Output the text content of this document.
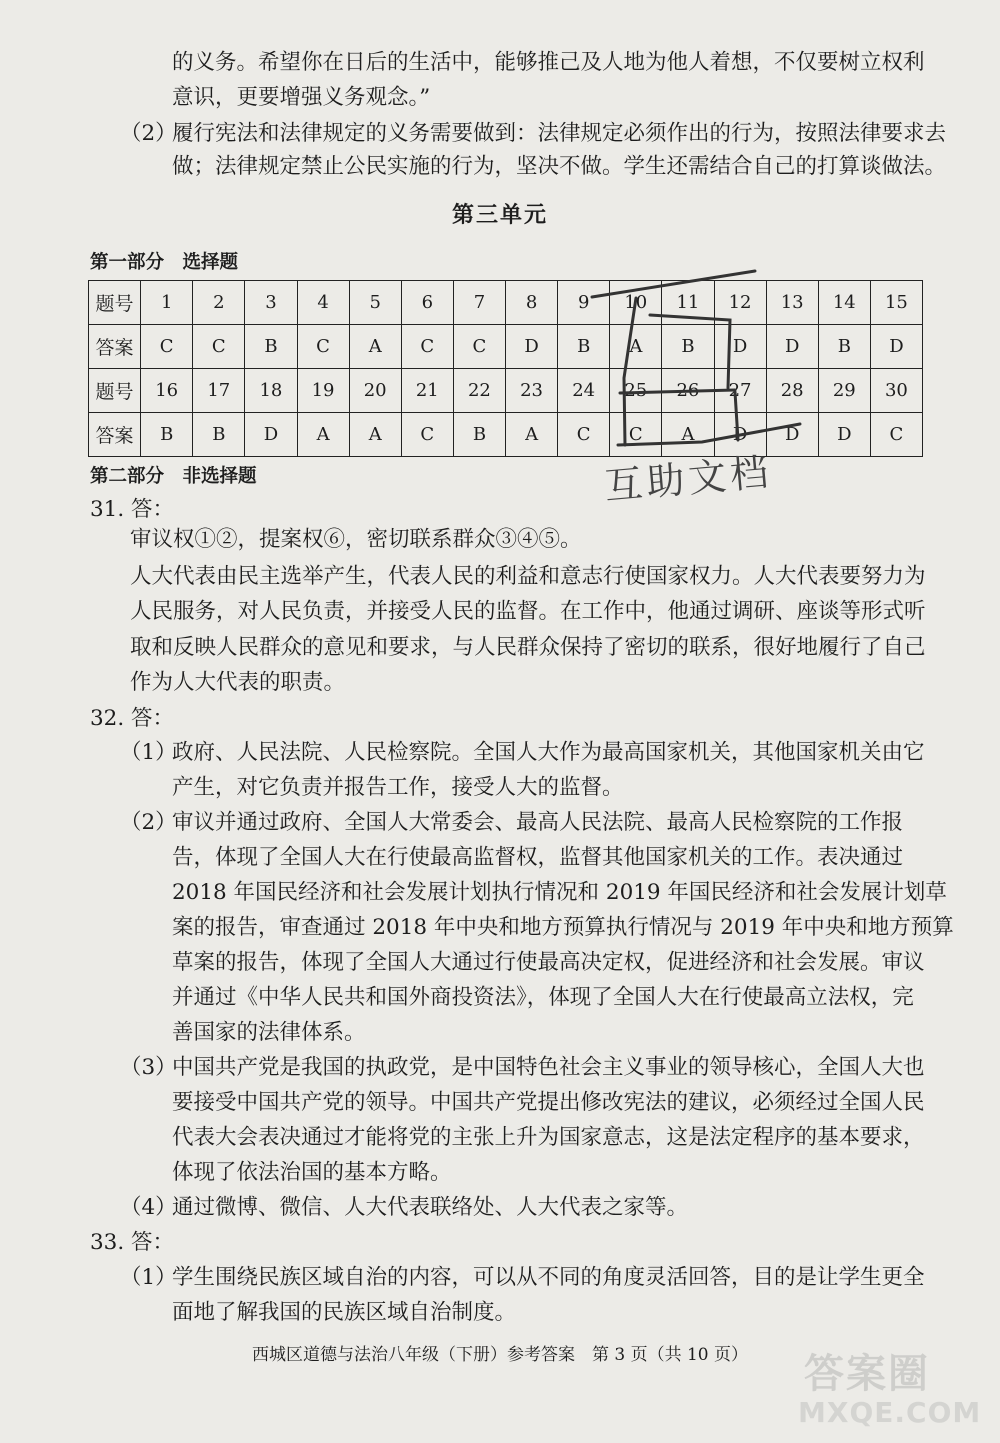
的义务。希望你在日后的生活中，能够推己及人地为他人着想，不仅要树立权利
意识，更要增强义务观念。”
（2）
履行宪法和法律规定的义务需要做到：法律规定必须作出的行为，按照法律要求去
做；法律规定禁止公民实施的行为，坚决不做。学生还需结合自己的打算谈做法。
第三单元
第一部分　选择题
题号	1	2	3	4	5	6	7	8	9	10	11	12	13	14	15
答案	C	C	B	C	A	C	C	D	B	A	B	D	D	B	D
题号	16	17	18	19	20	21	22	23	24	25	26	27	28	29	30
答案	B	B	D	A	A	C	B	A	C	C	A	D	D	D	C
互助文档
第二部分　非选择题
31. 答：
审议权①②，提案权⑥，密切联系群众③④⑤。
人大代表由民主选举产生，代表人民的利益和意志行使国家权力。人大代表要努力为
人民服务，对人民负责，并接受人民的监督。在工作中，他通过调研、座谈等形式听
取和反映人民群众的意见和要求，与人民群众保持了密切的联系，很好地履行了自己
作为人大代表的职责。
32. 答：
（1）
政府、人民法院、人民检察院。全国人大作为最高国家机关，其他国家机关由它
产生，对它负责并报告工作，接受人大的监督。
（2）
审议并通过政府、全国人大常委会、最高人民法院、最高人民检察院的工作报
告，体现了全国人大在行使最高监督权，监督其他国家机关的工作。表决通过
2018 年国民经济和社会发展计划执行情况和 2019 年国民经济和社会发展计划草
案的报告，审查通过 2018 年中央和地方预算执行情况与 2019 年中央和地方预算
草案的报告，体现了全国人大通过行使最高决定权，促进经济和社会发展。审议
并通过《中华人民共和国外商投资法》，体现了全国人大在行使最高立法权，完
善国家的法律体系。
（3）
中国共产党是我国的执政党，是中国特色社会主义事业的领导核心，全国人大也
要接受中国共产党的领导。中国共产党提出修改宪法的建议，必须经过全国人民
代表大会表决通过才能将党的主张上升为国家意志，这是法定程序的基本要求，
体现了依法治国的基本方略。
（4）
通过微博、微信、人大代表联络处、人大代表之家等。
33. 答：
（1）
学生围绕民族区域自治的内容，可以从不同的角度灵活回答，目的是让学生更全
面地了解我国的民族区域自治制度。
西城区道德与法治八年级（下册）参考答案　第 3 页（共 10 页）	答案圈
MXQE.COM
